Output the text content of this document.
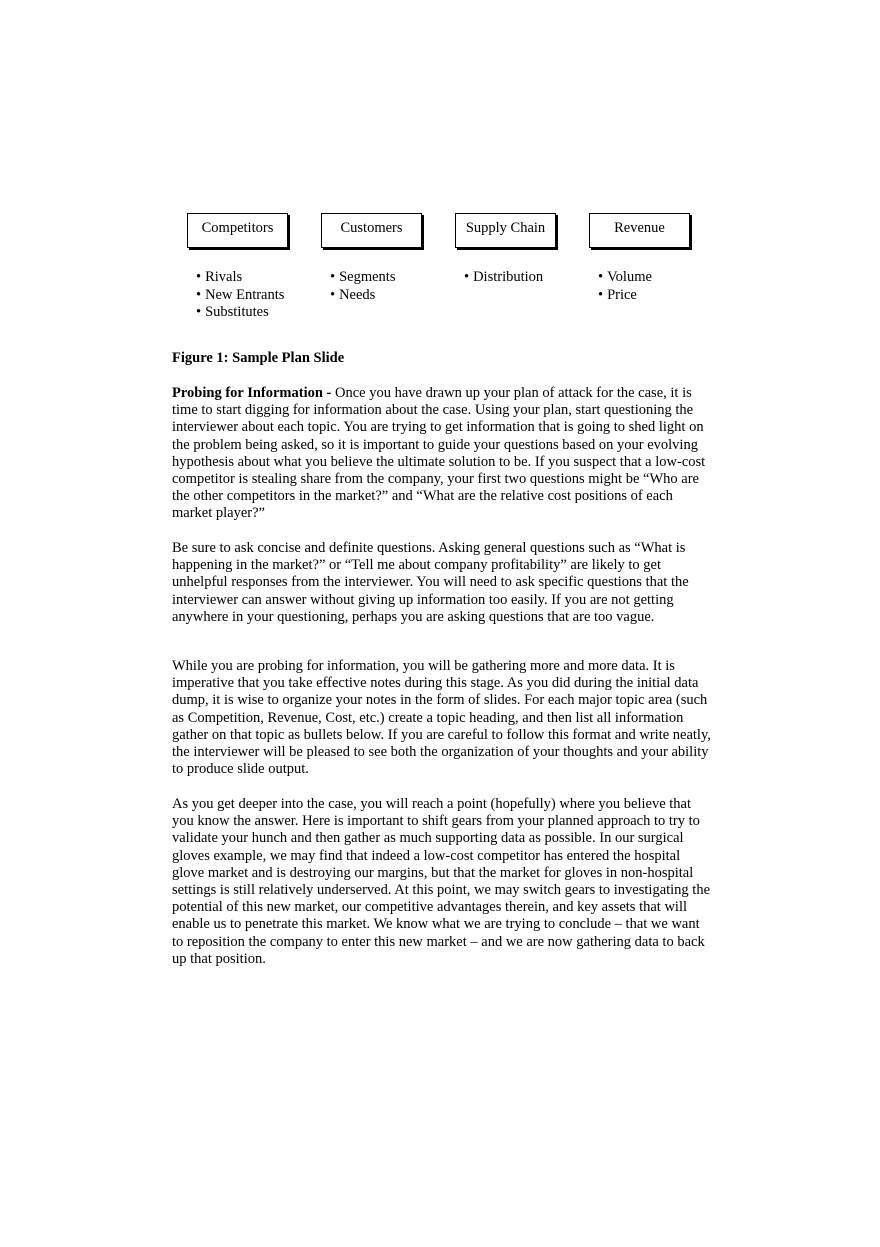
Competitors	Customers	Supply Chain	Revenue
• Rivals
• New Entrants
• Substitutes
• Segments
• Needs
• Distribution
•	Volume
• Price

Figure 1: Sample Plan Slide

Probing for Information - Once you have drawn up your plan of attack for the case, it is time to start digging for information about the case. Using your plan, start questioning the interviewer about each topic. You are trying to get information that is going to shed light on the problem being asked, so it is important to guide your questions based on your evolving hypothesis about what you believe the ultimate solution to be. If you suspect that a low-cost competitor is stealing share from the company, your first two questions might be “Who are the other competitors in the market?” and “What are the relative cost positions of each market player?”

Be sure to ask concise and definite questions. Asking general questions such as “What is happening in the market?” or “Tell me about company profitability” are likely to get unhelpful responses from the interviewer. You will need to ask specific questions that the interviewer can answer without giving up information too easily. If you are not getting anywhere in your questioning, perhaps you are asking questions that are too vague.

While you are probing for information, you will be gathering more and more data. It is imperative that you take effective notes during this stage. As you did during the initial data dump, it is wise to organize your notes in the form of slides. For each major topic area (such as Competition, Revenue, Cost, etc.) create a topic heading, and then list all information gather on that topic as bullets below. If you are careful to follow this format and write neatly, the interviewer will be pleased to see both the organization of your thoughts and your ability to produce slide output.

As you get deeper into the case, you will reach a point (hopefully) where you believe that you know the answer. Here is important to shift gears from your planned approach to try to validate your hunch and then gather as much supporting data as possible. In our surgical gloves example, we may find that indeed a low-cost competitor has entered the hospital glove market and is destroying our margins, but that the market for gloves in non-hospital settings is still relatively underserved. At this point, we may switch gears to investigating the potential of this new market, our competitive advantages therein, and key assets that will enable us to penetrate this market. We know what we are trying to conclude – that we want to reposition the company to enter this new market – and we are now gathering data to back up that position.
